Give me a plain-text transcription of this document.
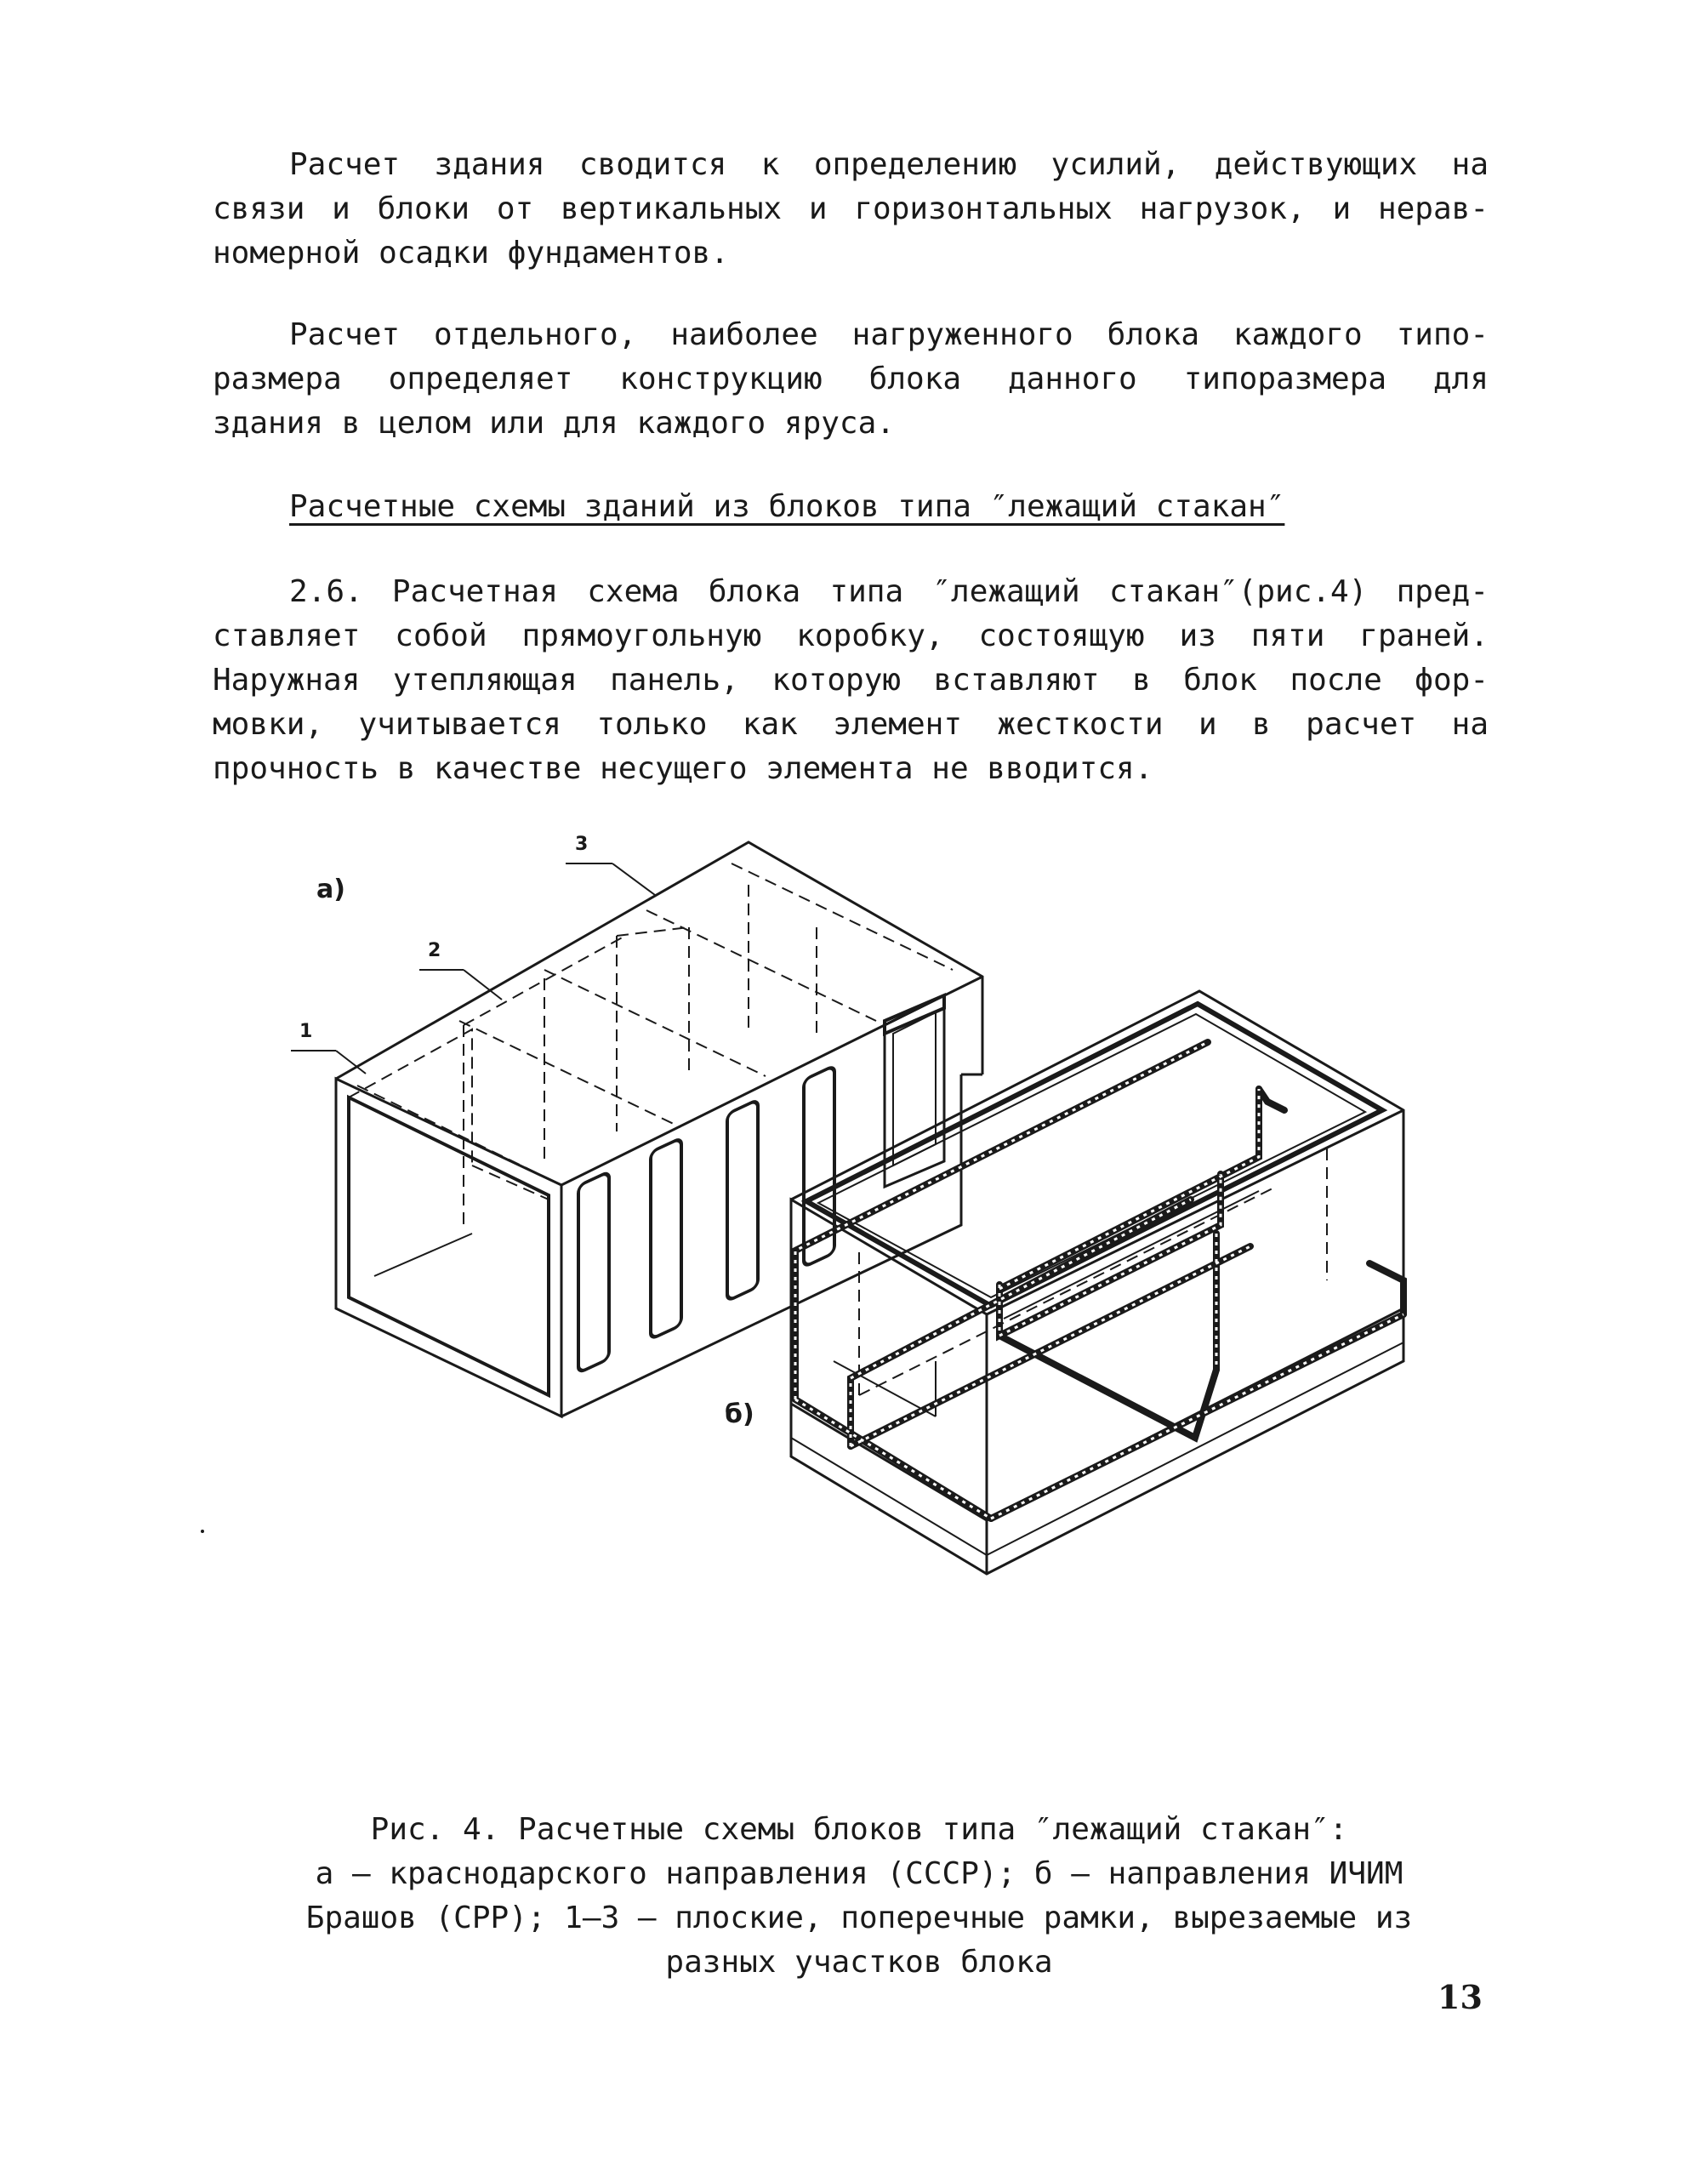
Расчет здания сводится к определению усилий, действующих на
связи и блоки от вертикальных и горизонтальных нагрузок, и нерав-
номерной осадки фундаментов.
Расчет отдельного, наиболее нагруженного блока каждого типо-
размера определяет конструкцию блока данного типоразмера для
здания в целом или для каждого яруса.
Расчетные схемы зданий из блоков типа ″лежащий стакан″
2.6. Расчетная схема блока типа ″лежащий стакан″(рис.4) пред-
ставляет собой прямоугольную коробку, состоящую из пяти граней.
Наружная утепляющая панель, которую вставляют в блок после фор-
мовки, учитывается только как элемент жесткости и в расчет на
прочность в качестве несущего элемента не вводится.
а)
б)
1
2
3
Рис. 4. Расчетные схемы блоков типа ″лежащий стакан″:
а – краснодарского направления (СССР); б – направления ИЧИМ
Брашов (СРР); 1–3 – плоские, поперечные рамки, вырезаемые из
разных участков блока
13
